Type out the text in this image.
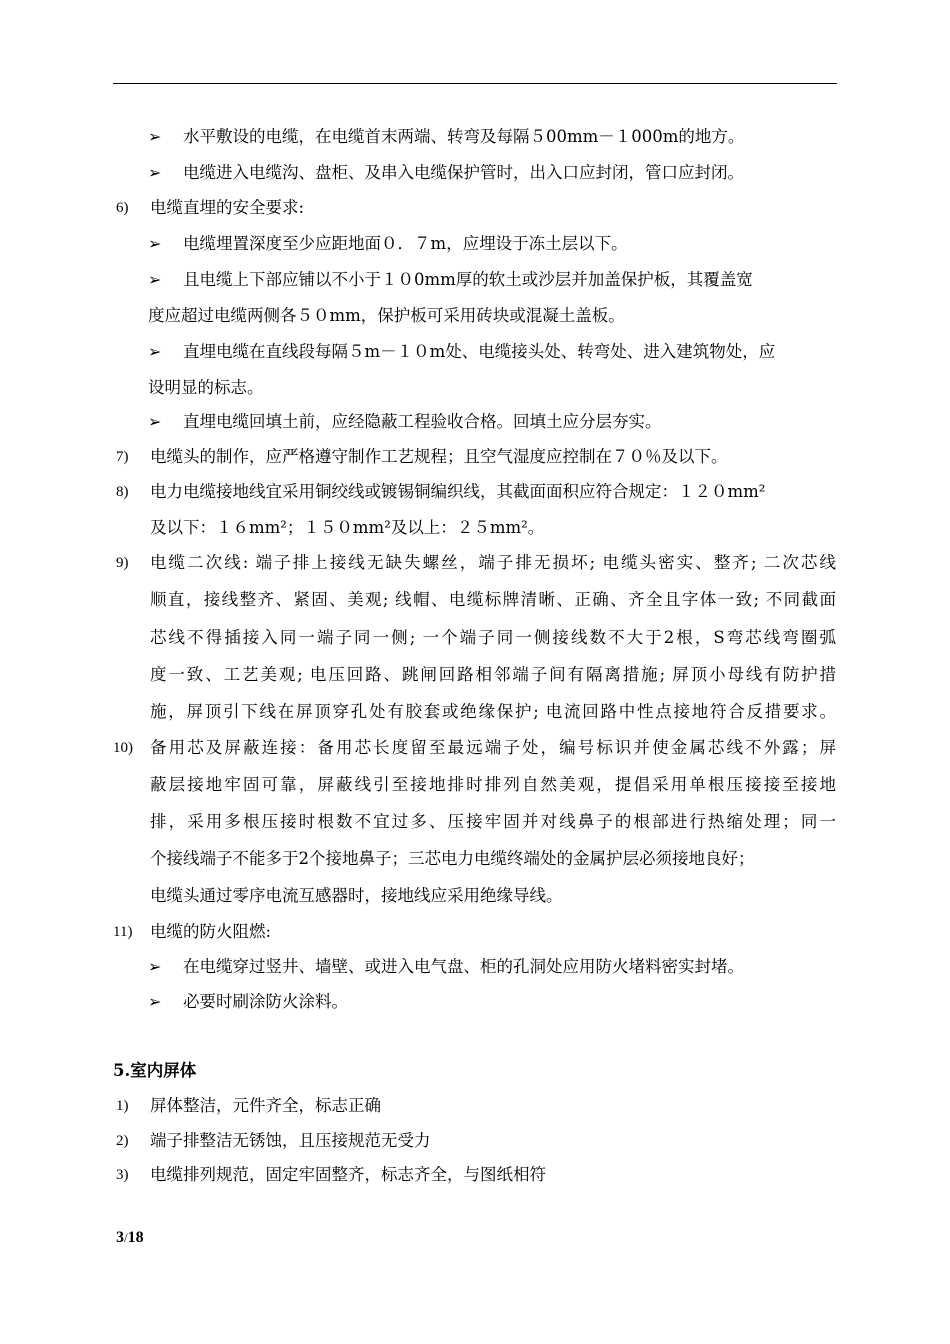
➢ 水平敷设的电缆，在电缆首末两端、转弯及每隔５00mm－１000m的地方。
➢ 电缆进入电缆沟、盘柜、及串入电缆保护管时，出入口应封闭，管口应封闭。
6) 电缆直埋的安全要求:
➢ 电缆埋置深度至少应距地面０．７m，应埋设于冻土层以下。
➢ 且电缆上下部应铺以不小于１０0mm厚的软土或沙层并加盖保护板，其覆盖宽
度应超过电缆两侧各５０mm，保护板可采用砖块或混凝土盖板。
➢ 直埋电缆在直线段每隔５m－１０m处、电缆接头处、转弯处、进入建筑物处，应
设明显的标志。
➢ 直埋电缆回填土前，应经隐蔽工程验收合格。回填土应分层夯实。
7) 电缆头的制作，应严格遵守制作工艺规程；且空气湿度应控制在７０％及以下。
8) 电力电缆接地线宜采用铜绞线或镀锡铜编织线，其截面面积应符合规定：１２０mm²
及以下：１６mm²；１５０mm²及以上：２５mm²。
9) 电缆二次线: 端子排上接线无缺失螺丝，端子排无损坏; 电缆头密实、整齐; 二次芯线
顺直，接线整齐、紧固、美观; 线帽、电缆标牌清晰、正确、齐全且字体一致; 不同截面
芯线不得插接入同一端子同一侧; 一个端子同一侧接线数不大于2根，S弯芯线弯圈弧
度一致、工艺美观; 电压回路、跳闸回路相邻端子间有隔离措施; 屏顶小母线有防护措
施，屏顶引下线在屏顶穿孔处有胶套或绝缘保护; 电流回路中性点接地符合反措要求。
10) 备用芯及屏蔽连接：备用芯长度留至最远端子处，编号标识并使金属芯线不外露；屏
蔽层接地牢固可靠，屏蔽线引至接地排时排列自然美观，提倡采用单根压接接至接地
排，采用多根压接时根数不宜过多、压接牢固并对线鼻子的根部进行热缩处理；同一
个接线端子不能多于2个接地鼻子；三芯电力电缆终端处的金属护层必须接地良好；
电缆头通过零序电流互感器时，接地线应采用绝缘导线。
11) 电缆的防火阻燃:
➢ 在电缆穿过竖井、墙壁、或进入电气盘、柜的孔洞处应用防火堵料密实封堵。
➢ 必要时刷涂防火涂料。
5.室内屏体
1) 屏体整洁，元件齐全，标志正确
2) 端子排整洁无锈蚀，且压接规范无受力
3) 电缆排列规范，固定牢固整齐，标志齐全，与图纸相符
3/18
